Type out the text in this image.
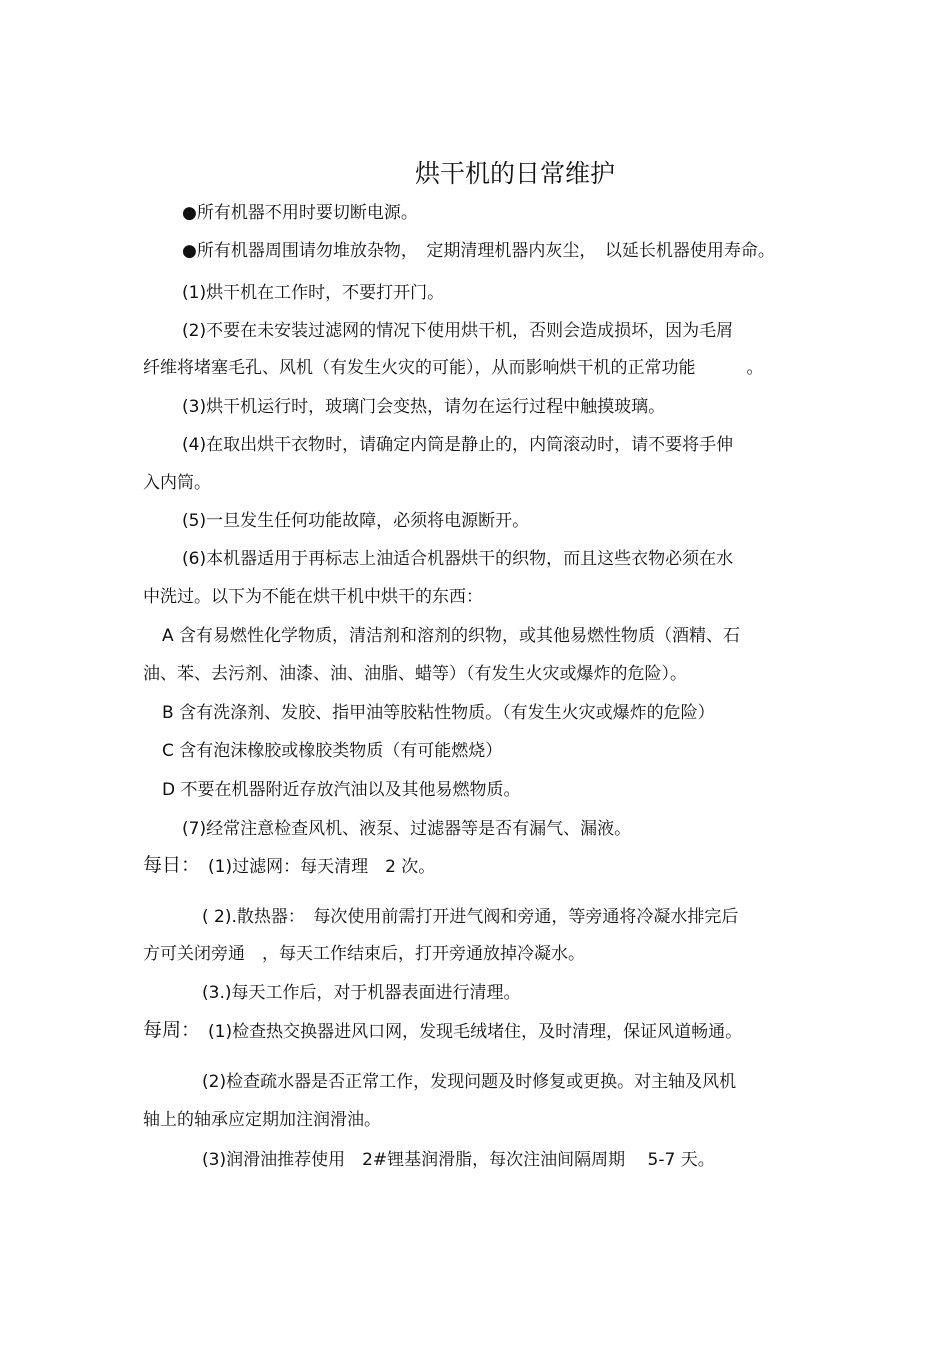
烘干机的日常维护
●所有机器不用时要切断电源。
●所有机器周围请勿堆放杂物，　定期清理机器内灰尘，　以延长机器使用寿命。
(1)烘干机在工作时，不要打开门。
(2)不要在未安装过滤网的情况下使用烘干机，否则会造成损坏，因为毛屑
纤维将堵塞毛孔、风机（有发生火灾的可能），从而影响烘干机的正常功能　　　。
(3)烘干机运行时，玻璃门会变热，请勿在运行过程中触摸玻璃。
(4)在取出烘干衣物时，请确定内筒是静止的，内筒滚动时，请不要将手伸
入内筒。
(5)一旦发生任何功能故障，必须将电源断开。
(6)本机器适用于再标志上油适合机器烘干的织物，而且这些衣物必须在水
中洗过。以下为不能在烘干机中烘干的东西：
A 含有易燃性化学物质，清洁剂和溶剂的织物，或其他易燃性物质（酒精、石
油、苯、去污剂、油漆、油、油脂、蜡等）（有发生火灾或爆炸的危险）。
B 含有洗涤剂、发胶、指甲油等胶粘性物质。（有发生火灾或爆炸的危险）
C 含有泡沫橡胶或橡胶类物质（有可能燃烧）
D 不要在机器附近存放汽油以及其他易燃物质。
(7)经常注意检查风机、液泵、过滤器等是否有漏气、漏液。
每日： (1)过滤网：每天清理　2 次。
( 2).散热器：　每次使用前需打开进气阀和旁通，等旁通将冷凝水排完后
方可关闭旁通　，每天工作结束后，打开旁通放掉冷凝水。
(3.)每天工作后，对于机器表面进行清理。
每周： (1)检查热交换器进风口网，发现毛绒堵住，及时清理，保证风道畅通。
(2)检查疏水器是否正常工作，发现问题及时修复或更换。对主轴及风机
轴上的轴承应定期加注润滑油。
(3)润滑油推荐使用　2#锂基润滑脂，每次注油间隔周期　 5-7 天。
